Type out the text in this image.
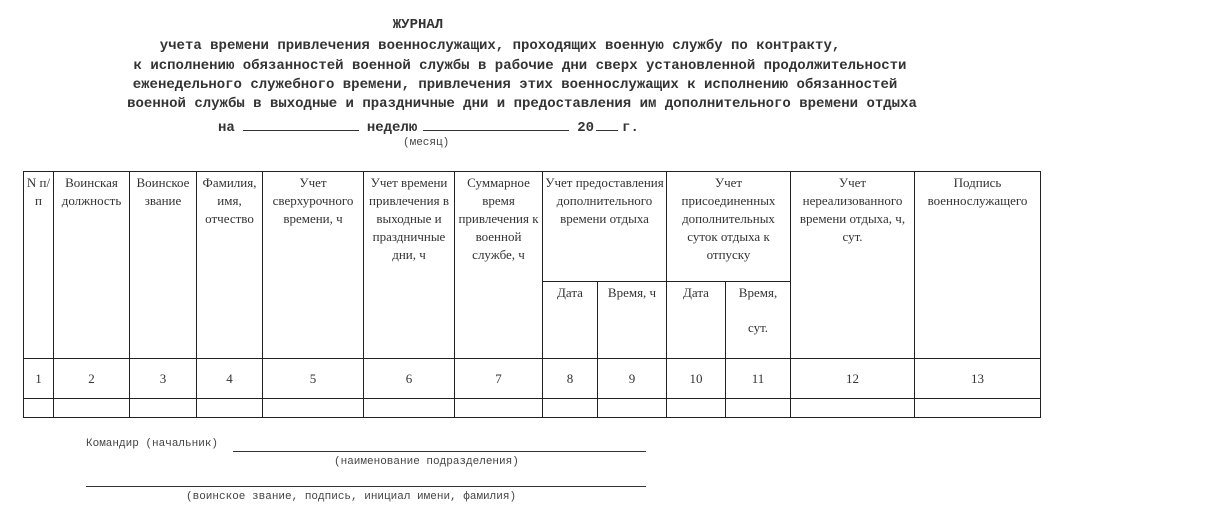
ЖУРНАЛ
учета времени привлечения военнослужащих, проходящих военную службу по контракту,
к исполнению обязанностей военной службы в рабочие дни сверх установленной продолжительности
еженедельного служебного времени, привлечения этих военнослужащих к исполнению обязанностей
военной службы в выходные и праздничные дни и предоставления им дополнительного времени отдыха
на	неделю	20 г.
(месяц)
N п/п	Воинская должность	Воинское звание	Фамилия, имя, отчество	Учет сверхурочного времени, ч	Учет времени привлечения в выходные и праздничные дни, ч	Суммарное время привлечения к военной службе, ч	Учет предоставления дополнительного времени отдыха		Учет присоединенных дополнительных суток отдыха к отпуску		Учет нереализованного времени отдыха, ч, сут.	Подпись военнослужащего
							Дата	Время, ч	Дата	Время,
сут.		

1	2	3	4	5	6	7	8	9	10	11	12	13

Командир (начальник)
(наименование подразделения)
(воинское звание, подпись, инициал имени, фамилия)
